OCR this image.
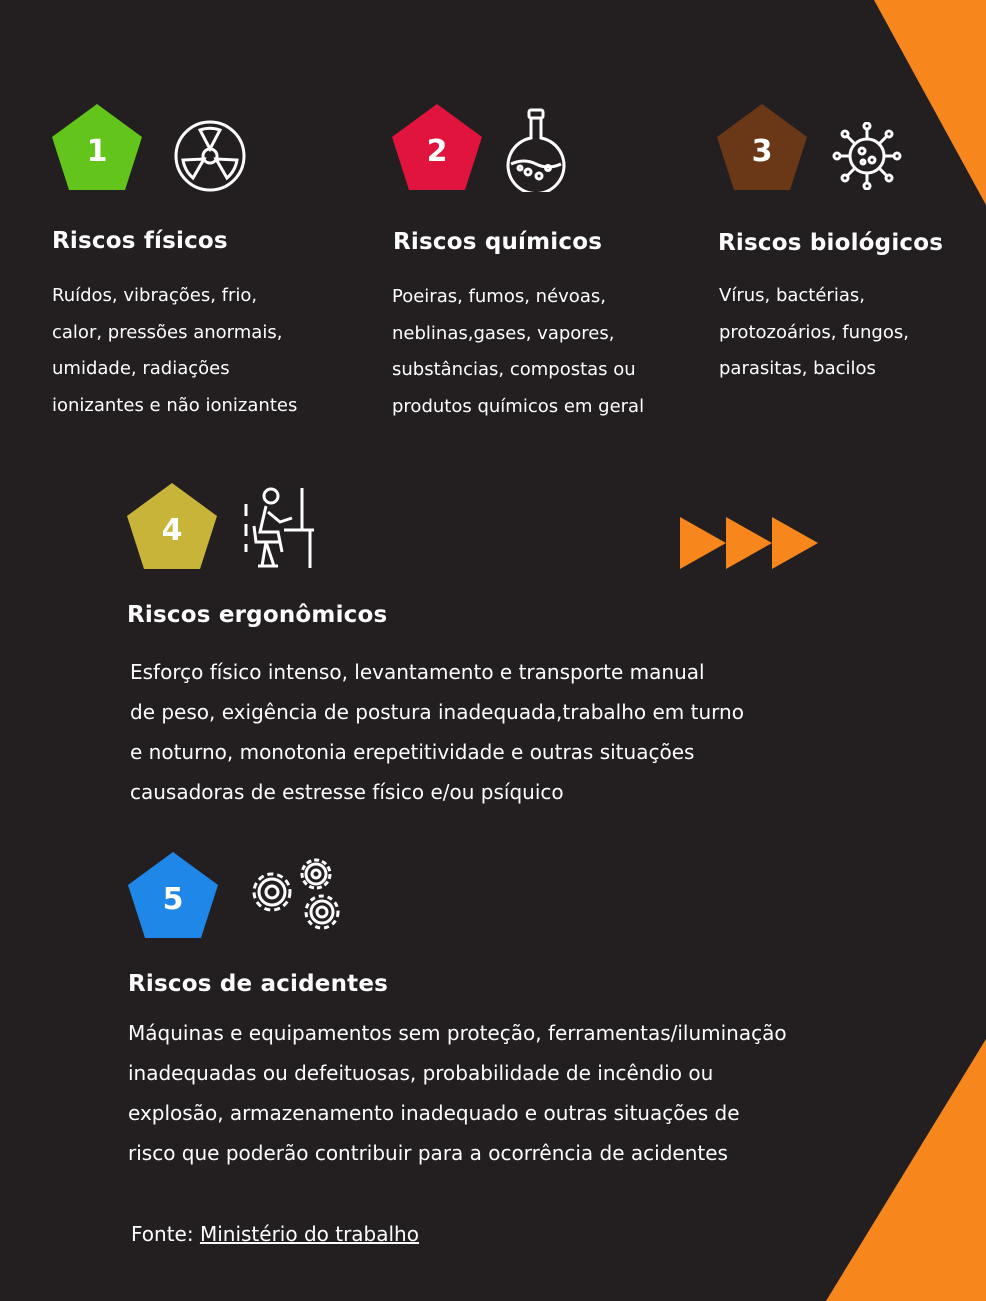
1
Riscos físicos
Ruídos, vibrações, frio,
calor, pressões anormais,
umidade, radiações
ionizantes e não ionizantes
2
Riscos químicos
Poeiras, fumos, névoas,
neblinas,gases, vapores,
substâncias, compostas ou
produtos químicos em geral
3
Riscos biológicos
Vírus, bactérias,
protozoários, fungos,
parasitas, bacilos
4
Riscos ergonômicos
Esforço físico intenso, levantamento e transporte manual
de peso, exigência de postura inadequada,trabalho em turno
e noturno, monotonia erepetitividade e outras situações
causadoras de estresse físico e/ou psíquico
5
Riscos de acidentes
Máquinas e equipamentos sem proteção, ferramentas/iluminação
inadequadas ou defeituosas, probabilidade de incêndio ou
explosão, armazenamento inadequado e outras situações de
risco que poderão contribuir para a ocorrência de acidentes
Fonte: Ministério do trabalho
